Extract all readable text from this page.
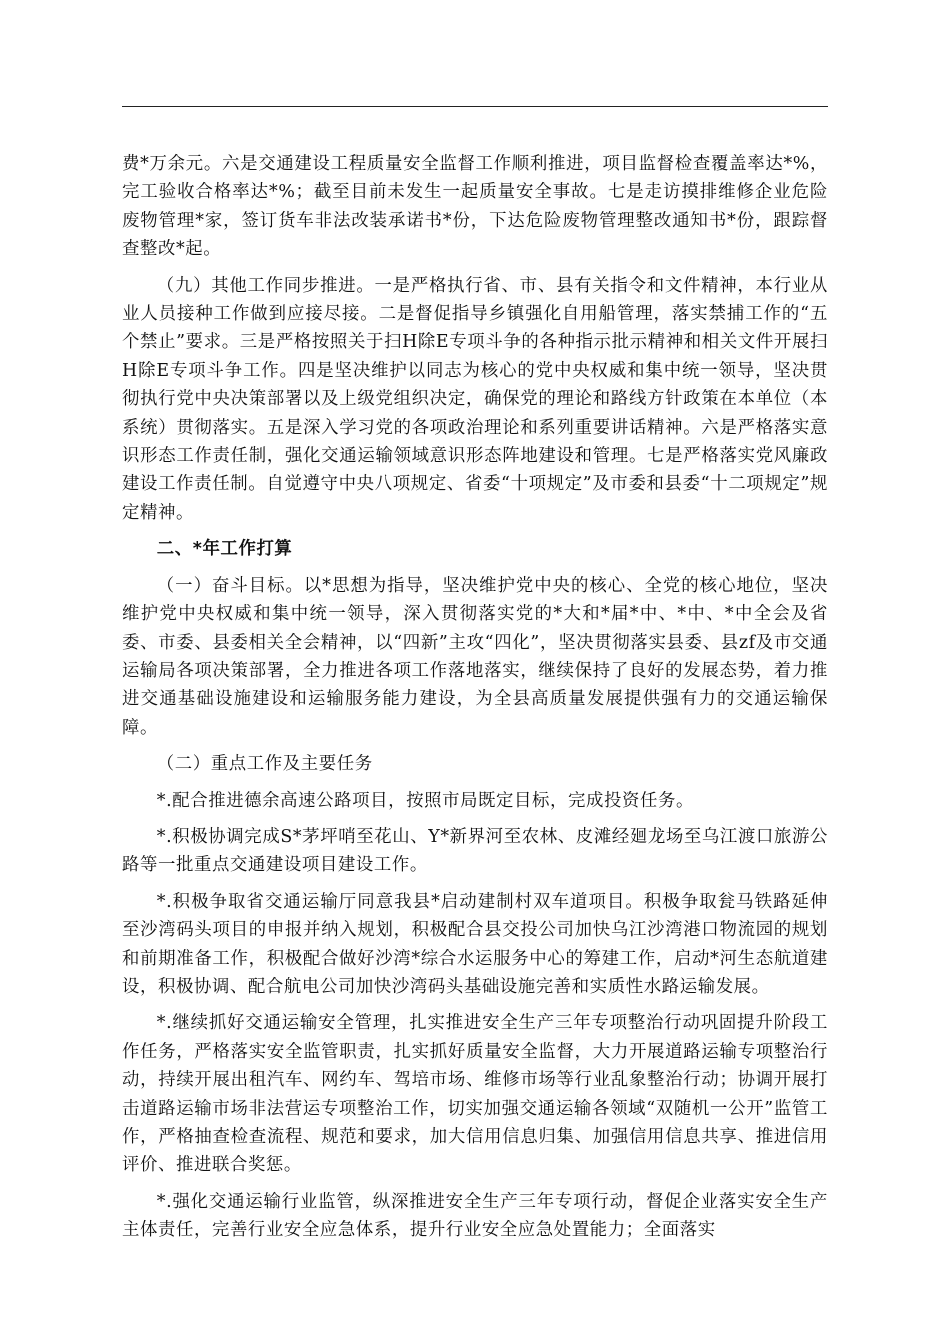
费*万余元。六是交通建设工程质量安全监督工作顺利推进，项目监督检查覆盖率达*%，完工验收合格率达*%；截至目前未发生一起质量安全事故。七是走访摸排维修企业危险废物管理*家，签订货车非法改装承诺书*份，下达危险废物管理整改通知书*份，跟踪督查整改*起。

（九）其他工作同步推进。一是严格执行省、市、县有关指令和文件精神，本行业从业人员接种工作做到应接尽接。二是督促指导乡镇强化自用船管理，落实禁捕工作的“五个禁止”要求。三是严格按照关于扫H除E专项斗争的各种指示批示精神和相关文件开展扫H除E专项斗争工作。四是坚决维护以同志为核心的党中央权威和集中统一领导，坚决贯彻执行党中央决策部署以及上级党组织决定，确保党的理论和路线方针政策在本单位（本系统）贯彻落实。五是深入学习党的各项政治理论和系列重要讲话精神。六是严格落实意识形态工作责任制，强化交通运输领域意识形态阵地建设和管理。七是严格落实党风廉政建设工作责任制。自觉遵守中央八项规定、省委“十项规定”及市委和县委“十二项规定”规定精神。

二、*年工作打算

（一）奋斗目标。以*思想为指导，坚决维护党中央的核心、全党的核心地位，坚决维护党中央权威和集中统一领导，深入贯彻落实党的*大和*届*中、*中、*中全会及省委、市委、县委相关全会精神，以“四新”主攻“四化”，坚决贯彻落实县委、县zf及市交通运输局各项决策部署，全力推进各项工作落地落实，继续保持了良好的发展态势，着力推进交通基础设施建设和运输服务能力建设，为全县高质量发展提供强有力的交通运输保障。

（二）重点工作及主要任务

*.配合推进德余高速公路项目，按照市局既定目标，完成投资任务。

*.积极协调完成S*茅坪哨至花山、Y*新界河至农林、皮滩经廻龙场至乌江渡口旅游公路等一批重点交通建设项目建设工作。

*.积极争取省交通运输厅同意我县*启动建制村双车道项目。积极争取瓮马铁路延伸至沙湾码头项目的申报并纳入规划，积极配合县交投公司加快乌江沙湾港口物流园的规划和前期准备工作，积极配合做好沙湾*综合水运服务中心的筹建工作，启动*河生态航道建设，积极协调、配合航电公司加快沙湾码头基础设施完善和实质性水路运输发展。

*.继续抓好交通运输安全管理，扎实推进安全生产三年专项整治行动巩固提升阶段工作任务，严格落实安全监管职责，扎实抓好质量安全监督，大力开展道路运输专项整治行动，持续开展出租汽车、网约车、驾培市场、维修市场等行业乱象整治行动；协调开展打击道路运输市场非法营运专项整治工作，切实加强交通运输各领域“双随机一公开”监管工作，严格抽查检查流程、规范和要求，加大信用信息归集、加强信用信息共享、推进信用评价、推进联合奖惩。

*.强化交通运输行业监管，纵深推进安全生产三年专项行动，督促企业落实安全生产主体责任，完善行业安全应急体系，提升行业安全应急处置能力；全面落实
